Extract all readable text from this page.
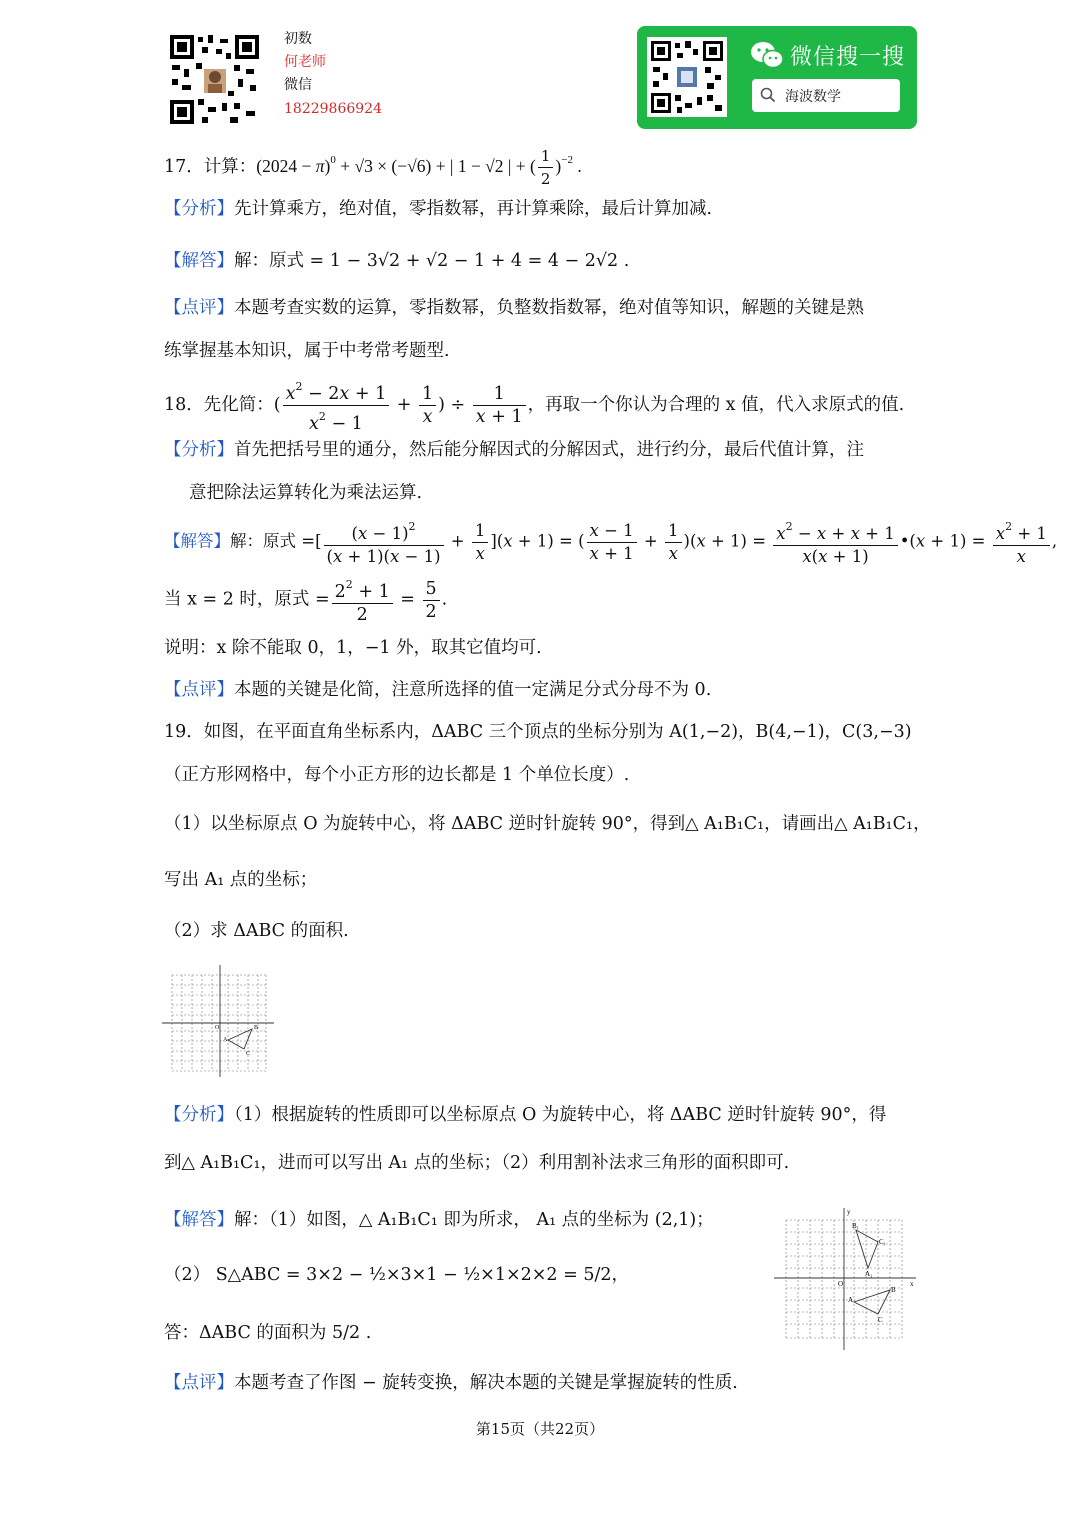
初数
何老师
微信
18229866924
微信搜一搜
海波数学
17．计算：$(2024 - \pi)^0 + √3 \times (-√6)$ + | 1 − √2 | + ( $\frac{1}{2} )^{-2}$ .
【分析】先计算乘方，绝对值，零指数幂，再计算乘除，最后计算加减.
【解答】解：原式 = 1 − 3√2 + √2 − 1 + 4 = 4 − 2√2 .
【点评】本题考查实数的运算，零指数幂，负整数指数幂，绝对值等知识，解题的关键是熟
练掌握基本知识，属于中考常考题型.
18．先化简：( $\frac{x^2 - 2x + 1}{x^2 - 1} + \frac{1}{x}$ ) ÷ $\frac{1}{x + 1}$ ，再取一个你认为合理的 x 值，代入求原式的值.
【分析】首先把括号里的通分，然后能分解因式的分解因式，进行约分，最后代值计算，注
意把除法运算转化为乘法运算.
【解答】解：原式 =[ $\frac{(x - 1)^2}{(x + 1)(x - 1)} + \frac{1}{x} ](x + 1)$ = ( $\frac{x - 1}{x + 1} + \frac{1}{x} )(x + 1) = \frac{x^2 - x + x + 1}{x(x + 1)}$ •(x + $1) = \frac{x^2 + 1}{x}$ ,
当 x = 2 时，原式 = $\frac{2^2 + 1}{2} = \frac{5}{2}$ .
说明：x 除不能取 0，1，−1 外，取其它值均可.
【点评】本题的关键是化简，注意所选择的值一定满足分式分母不为 0.
19．如图，在平面直角坐标系内，ΔABC 三个顶点的坐标分别为 A(1,−2)，B(4,−1)，C(3,−3)
（正方形网格中，每个小正方形的边长都是 1 个单位长度）.
（1）以坐标原点 O 为旋转中心，将 ΔABC 逆时针旋转 90°，得到△ A₁B₁C₁，请画出△ A₁B₁C₁，
写出 A₁ 点的坐标；
（2）求 ΔABC 的面积.
O
A
B
C
【分析】（1）根据旋转的性质即可以坐标原点 O 为旋转中心，将 ΔABC 逆时针旋转 90°，得
到△ A₁B₁C₁，进而可以写出 A₁ 点的坐标；（2）利用割补法求三角形的面积即可.
【解答】解：（1）如图，△ A₁B₁C₁ 即为所求， A₁ 点的坐标为 (2,1)；
（2） S△ABC = 3×2 − ½×3×1 − ½×1×2×2 = 5/2，
答：ΔABC 的面积为 5/2 .
【点评】本题考查了作图 − 旋转变换，解决本题的关键是掌握旋转的性质.
O
A
B
C
B₁
C₁
A₁
x
y
第15页（共22页）
